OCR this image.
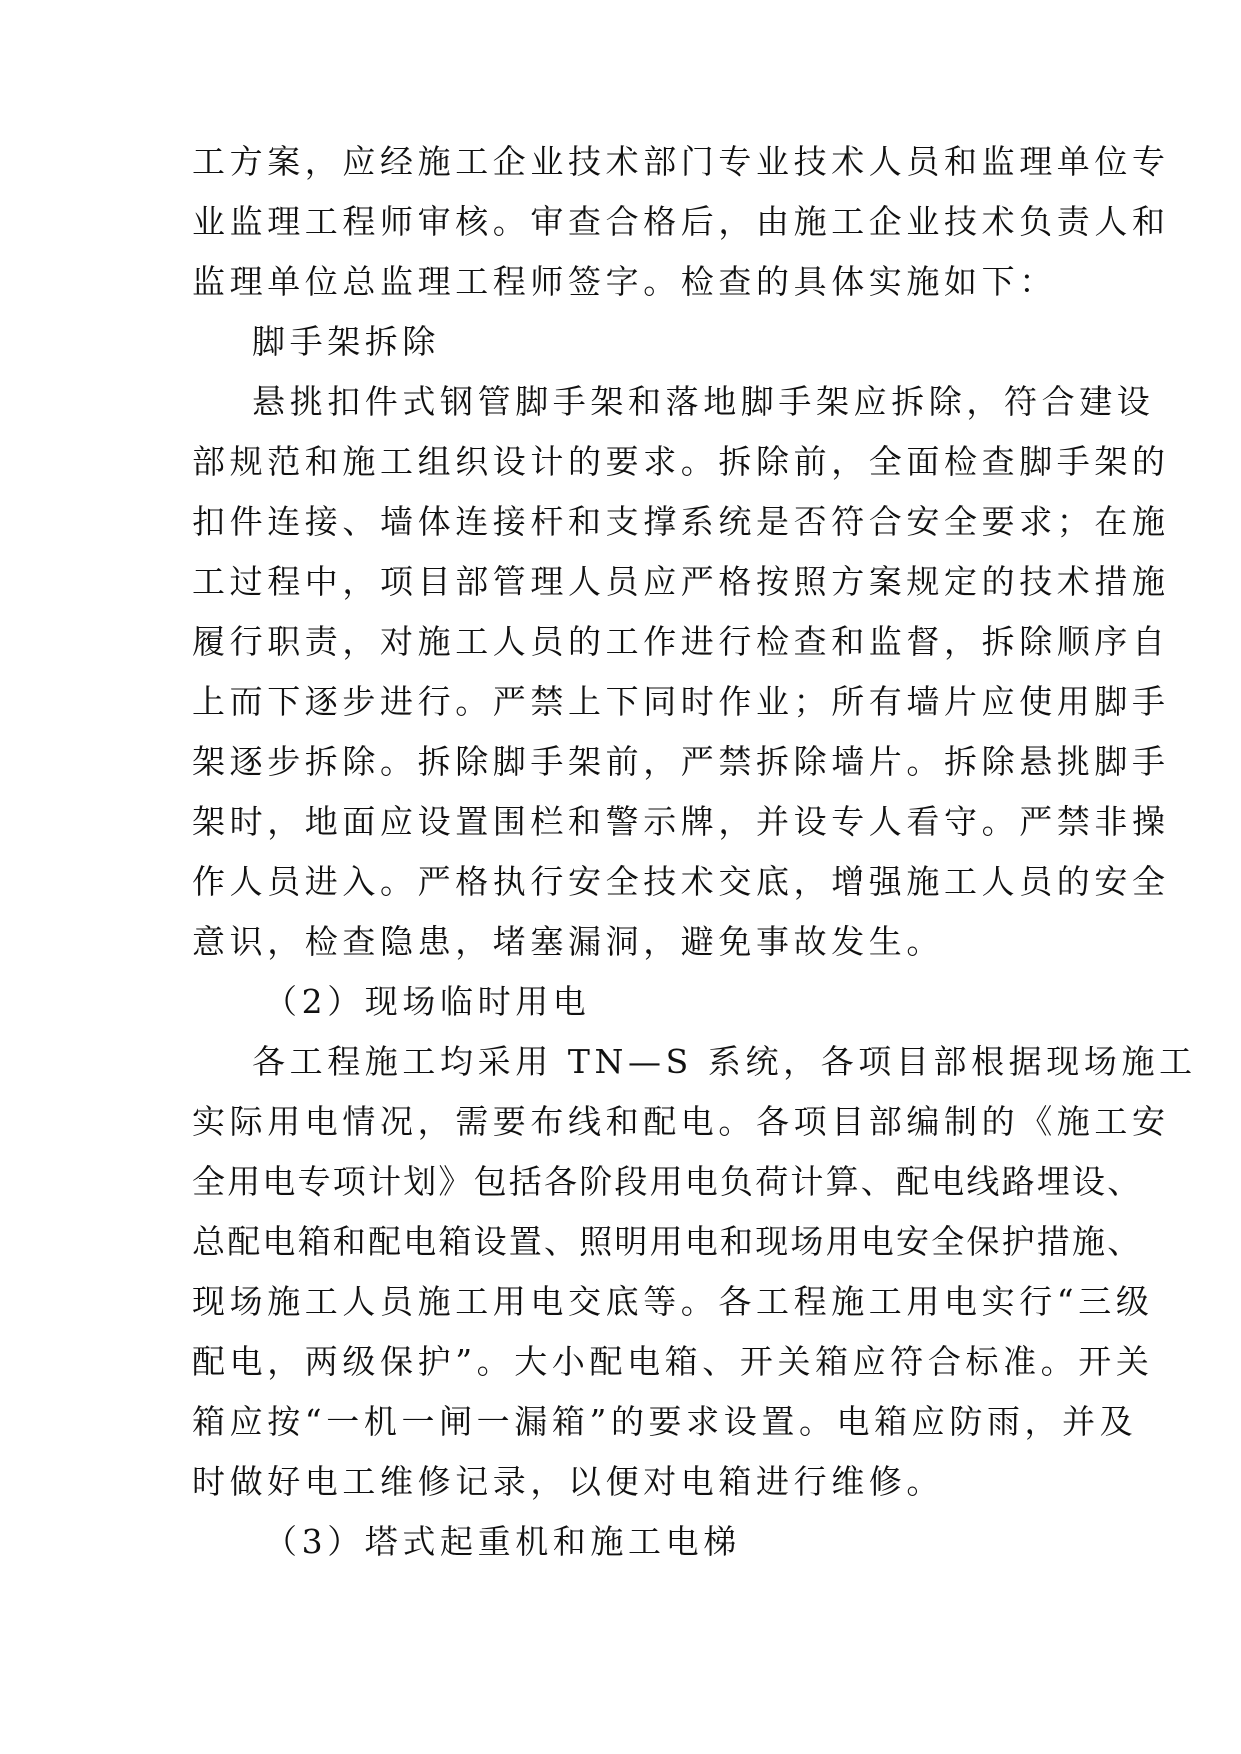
工方案，应经施工企业技术部门专业技术人员和监理单位专
业监理工程师审核。审查合格后，由施工企业技术负责人和
监理单位总监理工程师签字。检查的具体实施如下：
脚手架拆除
悬挑扣件式钢管脚手架和落地脚手架应拆除，符合建设
部规范和施工组织设计的要求。拆除前，全面检查脚手架的
扣件连接、墙体连接杆和支撑系统是否符合安全要求；在施
工过程中，项目部管理人员应严格按照方案规定的技术措施
履行职责，对施工人员的工作进行检查和监督，拆除顺序自
上而下逐步进行。严禁上下同时作业；所有墙片应使用脚手
架逐步拆除。拆除脚手架前，严禁拆除墙片。拆除悬挑脚手
架时，地面应设置围栏和警示牌，并设专人看守。严禁非操
作人员进入。严格执行安全技术交底，增强施工人员的安全
意识，检查隐患，堵塞漏洞，避免事故发生。
（2）现场临时用电
各工程施工均采用 TN—S 系统，各项目部根据现场施工
实际用电情况，需要布线和配电。各项目部编制的《施工安
全用电专项计划》包括各阶段用电负荷计算、配电线路埋设、
总配电箱和配电箱设置、照明用电和现场用电安全保护措施、
现场施工人员施工用电交底等。各工程施工用电实行“三级
配电，两级保护”。大小配电箱、开关箱应符合标准。开关
箱应按“一机一闸一漏箱”的要求设置。电箱应防雨，并及
时做好电工维修记录，以便对电箱进行维修。
（3）塔式起重机和施工电梯
